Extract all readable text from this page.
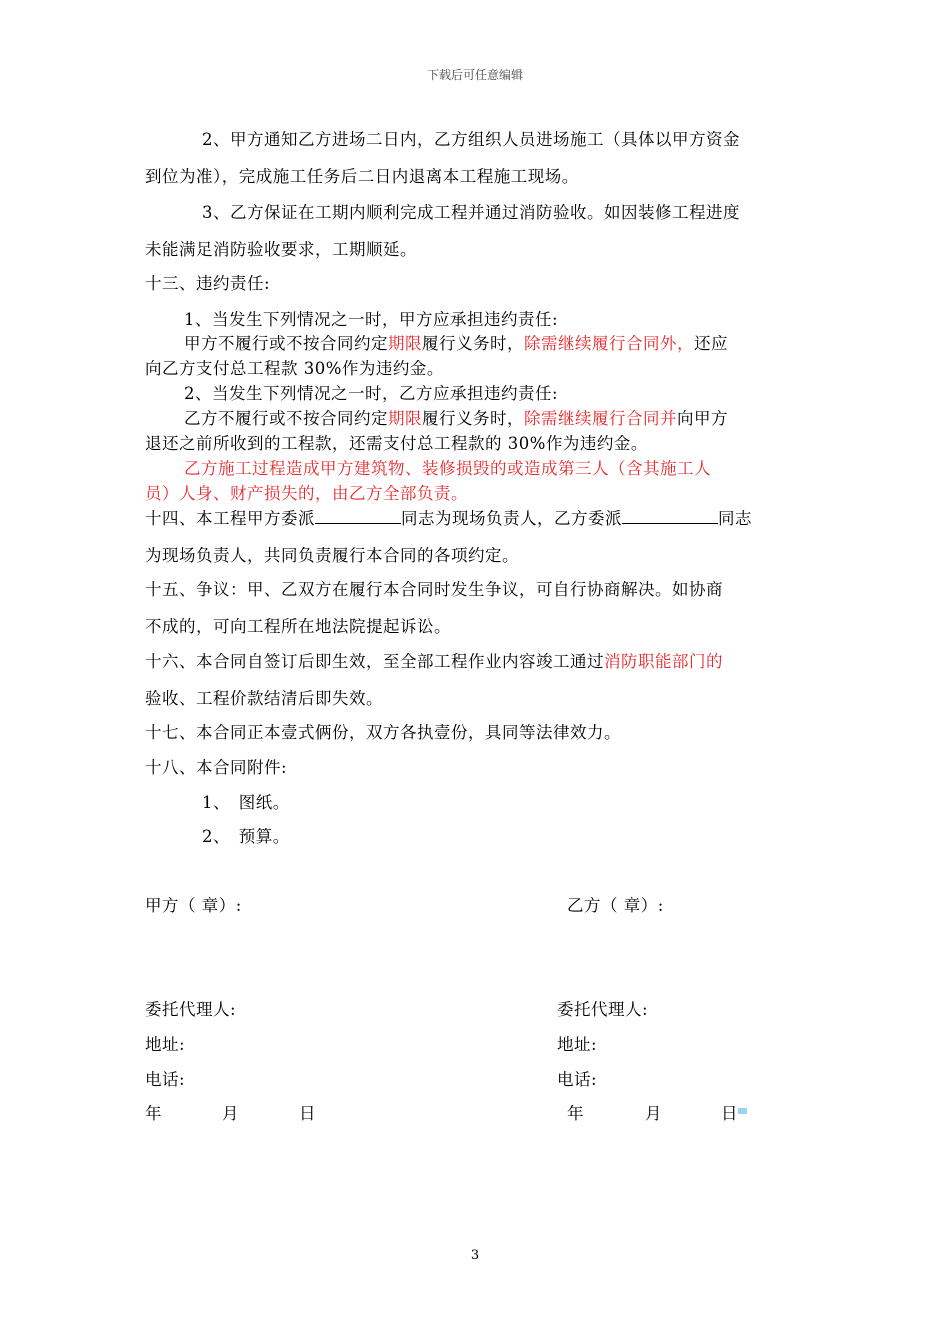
下载后可任意编辑
2、甲方通知乙方进场二日内，乙方组织人员进场施工（具体以甲方资金
到位为准），完成施工任务后二日内退离本工程施工现场。
3、乙方保证在工期内顺利完成工程并通过消防验收。如因装修工程进度
未能满足消防验收要求，工期顺延。
十三、违约责任:
1、当发生下列情况之一时，甲方应承担违约责任:
甲方不履行或不按合同约定期限履行义务时，除需继续履行合同外，还应
向乙方支付总工程款 30%作为违约金。
2、当发生下列情况之一时，乙方应承担违约责任:
乙方不履行或不按合同约定期限履行义务时，除需继续履行合同并向甲方
退还之前所收到的工程款，还需支付总工程款的 30%作为违约金。
乙方施工过程造成甲方建筑物、装修损毁的或造成第三人（含其施工人
员）人身、财产损失的，由乙方全部负责。
十四、本工程甲方委派	同志为现场负责人，乙方委派	同志
为现场负责人，共同负责履行本合同的各项约定。
十五、争议：甲、乙双方在履行本合同时发生争议，可自行协商解决。如协商
不成的，可向工程所在地法院提起诉讼。
十六、本合同自签订后即生效，至全部工程作业内容竣工通过消防职能部门的
验收、工程价款结清后即失效。
十七、本合同正本壹式俩份，双方各执壹份，具同等法律效力。
十八、本合同附件:
1、　图纸。
2、　预算。
甲方（ 章）:	乙方（ 章）:
委托代理人:	委托代理人:
地址:	地址:
电话:	电话:
年	月	日	年	月	日
3
